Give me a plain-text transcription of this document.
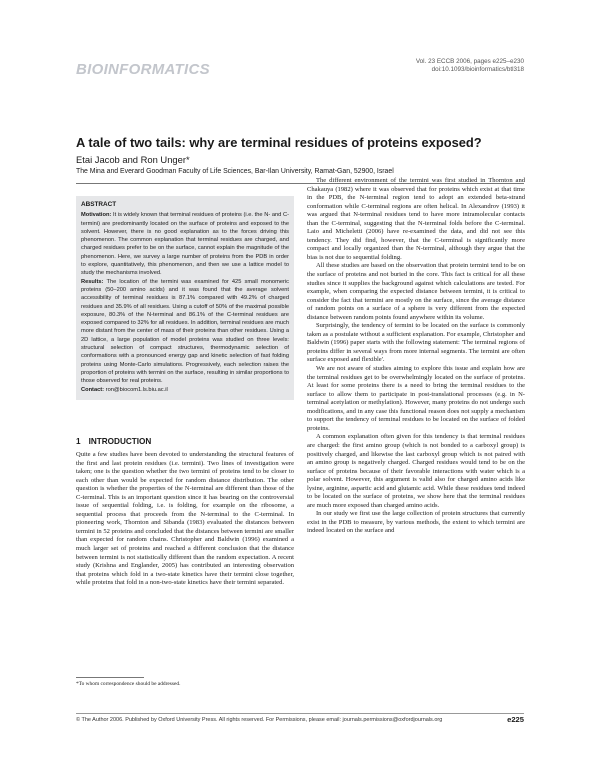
BIOINFORMATICS	Vol. 23 ECCB 2006, pages e225–e230
doi:10.1093/bioinformatics/btl318
A tale of two tails: why are terminal residues of proteins exposed?
Etai Jacob and Ron Unger*
The Mina and Everard Goodman Faculty of Life Sciences, Bar-Ilan University, Ramat-Gan, 52900, Israel
ABSTRACT

Motivation: It is widely known that terminal residues of proteins (i.e. the N- and C-termini) are predominantly located on the surface of proteins and exposed to the solvent. However, there is no good explanation as to the forces driving this phenomenon. The common explanation that terminal residues are charged, and charged residues prefer to be on the surface, cannot explain the magnitude of the phenomenon. Here, we survey a large number of proteins from the PDB in order to explore, quantitatively, this phenomenon, and then we use a lattice model to study the mechanisms involved.

Results: The location of the termini was examined for 425 small monomeric proteins (50–200 amino acids) and it was found that the average solvent accessibility of terminal residues is 87.1% compared with 49.2% of charged residues and 35.9% of all residues. Using a cutoff of 50% of the maximal possible exposure, 80.3% of the N-terminal and 86.1% of the C-terminal residues are exposed compared to 32% for all residues. In addition, terminal residues are much more distant from the center of mass of their proteins than other residues. Using a 2D lattice, a large population of model proteins was studied on three levels: structural selection of compact structures, thermodynamic selection of conformations with a pronounced energy gap and kinetic selection of fast folding proteins using Monte-Carlo simulations. Progressively, each selection raises the proportion of proteins with termini on the surface, resulting in similar proportions to those observed for real proteins.

Contact: ron@biocom1.ls.biu.ac.il

1 INTRODUCTION

Quite a few studies have been devoted to understanding the structural features of the first and last protein residues (i.e. termini). Two lines of investigation were taken; one is the question whether the two termini of proteins tend to be closer to each other than would be expected for random distance distribution. The other question is whether the properties of the N-terminal are different than those of the C-terminal. This is an important question since it has bearing on the controversial issue of sequential folding, i.e. is folding, for example on the ribosome, a sequential process that proceeds from the N-terminal to the C-terminal. In pioneering work, Thornton and Sibanda (1983) evaluated the distances between termini in 52 proteins and concluded that the distances between termini are smaller than expected for random chains. Christopher and Baldwin (1996) examined a much larger set of proteins and reached a different conclusion that the distance between termini is not statistically different than the random expectation. A recent study (Krishna and Englander, 2005) has contributed an interesting observation that proteins which fold in a two-state kinetics have their termini close together, while proteins that fold in a non-two-state kinetics have their termini separated.

The different environment of the termini was first studied in Thornton and Chakauya (1982) where it was observed that for proteins which exist at that time in the PDB, the N-terminal region tend to adopt an extended beta-strand conformation while C-terminal regions are often helical. In Alexandrov (1993) it was argued that N-terminal residues tend to have more intramolecular contacts than the C-terminal, suggesting that the N-terminal folds before the C-terminal. Laio and Micheletti (2006) have re-examined the data, and did not see this tendency. They did find, however, that the C-terminal is significantly more compact and locally organized than the N-terminal, although they argue that the bias is not due to sequential folding.

All these studies are based on the observation that protein termini tend to be on the surface of proteins and not buried in the core. This fact is critical for all these studies since it supplies the background against which calculations are tested. For example, when comparing the expected distance between termini, it is critical to consider the fact that termini are mostly on the surface, since the average distance of random points on a surface of a sphere is very different from the expected distance between random points found anywhere within its volume.

Surprisingly, the tendency of termini to be located on the surface is commonly taken as a postulate without a sufficient explanation. For example, Christopher and Baldwin (1996) paper starts with the following statement: 'The terminal regions of proteins differ in several ways from more internal segments. The termini are often surface exposed and flexible'.

We are not aware of studies aiming to explore this issue and explain how are the terminal residues get to be overwhelmingly located on the surface of proteins. At least for some proteins there is a need to bring the terminal residues to the surface to allow them to participate in post-translational processes (e.g. in N-terminal acetylation or methylation). However, many proteins do not undergo such modifications, and in any case this functional reason does not supply a mechanism to support the tendency of terminal residues to be located on the surface of folded proteins.

A common explanation often given for this tendency is that terminal residues are charged: the first amino group (which is not bonded to a carboxyl group) is positively charged, and likewise the last carboxyl group which is not paired with an amino group is negatively charged. Charged residues would tend to be on the surface of proteins because of their favorable interactions with water which is a polar solvent. However, this argument is valid also for charged amino acids like lysine, arginine, aspartic acid and glutamic acid. While these residues tend indeed to be located on the surface of proteins, we show here that the terminal residues are much more exposed than charged amino acids.

In our study we first use the large collection of protein structures that currently exist in the PDB to measure, by various methods, the extent to which termini are indeed located on the surface and

*To whom correspondence should be addressed.
© The Author 2006. Published by Oxford University Press. All rights reserved. For Permissions, please email: journals.permissions@oxfordjournals.org	e225
